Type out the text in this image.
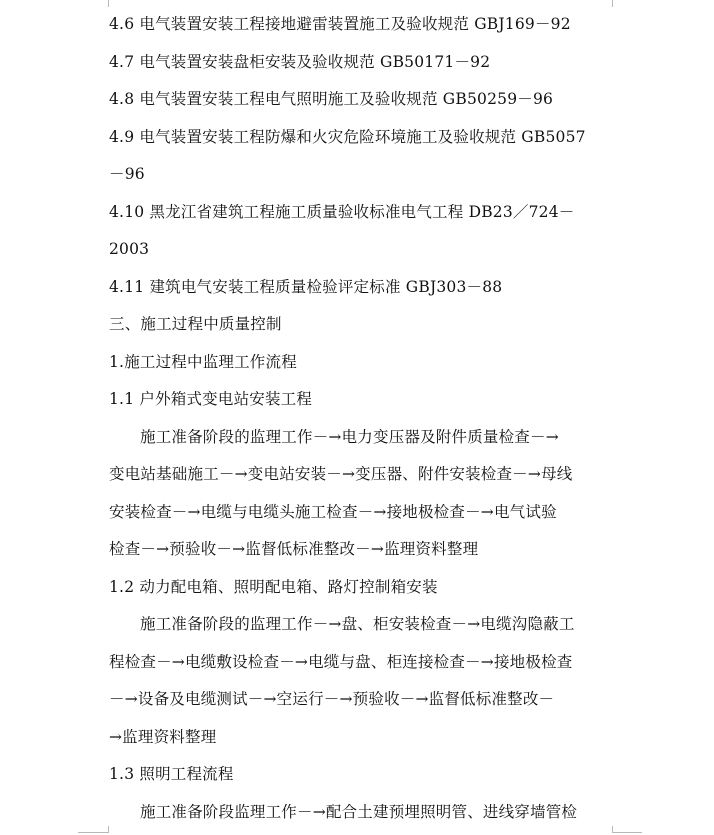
4.6 电气装置安装工程接地避雷装置施工及验收规范 GBJ169－92
4.7 电气装置安装盘柜安装及验收规范 GB50171－92
4.8 电气装置安装工程电气照明施工及验收规范 GB50259－96
4.9 电气装置安装工程防爆和火灾危险环境施工及验收规范 GB5057
－96
4.10 黑龙江省建筑工程施工质量验收标准电气工程 DB23／724－
2003
4.11 建筑电气安装工程质量检验评定标准 GBJ303－88
三、施工过程中质量控制
1.施工过程中监理工作流程
1.1 户外箱式变电站安装工程
施工准备阶段的监理工作－→电力变压器及附件质量检查－→
变电站基础施工－→变电站安装－→变压器、附件安装检查－→母线
安装检查－→电缆与电缆头施工检查－→接地极检查－→电气试验
检查－→预验收－→监督低标准整改－→监理资料整理
1.2 动力配电箱、照明配电箱、路灯控制箱安装
施工准备阶段的监理工作－→盘、柜安装检查－→电缆沟隐蔽工
程检查－→电缆敷设检查－→电缆与盘、柜连接检查－→接地极检查
－→设备及电缆测试－→空运行－→预验收－→监督低标准整改－
→监理资料整理
1.3 照明工程流程
施工准备阶段监理工作－→配合土建预埋照明管、进线穿墙管检
